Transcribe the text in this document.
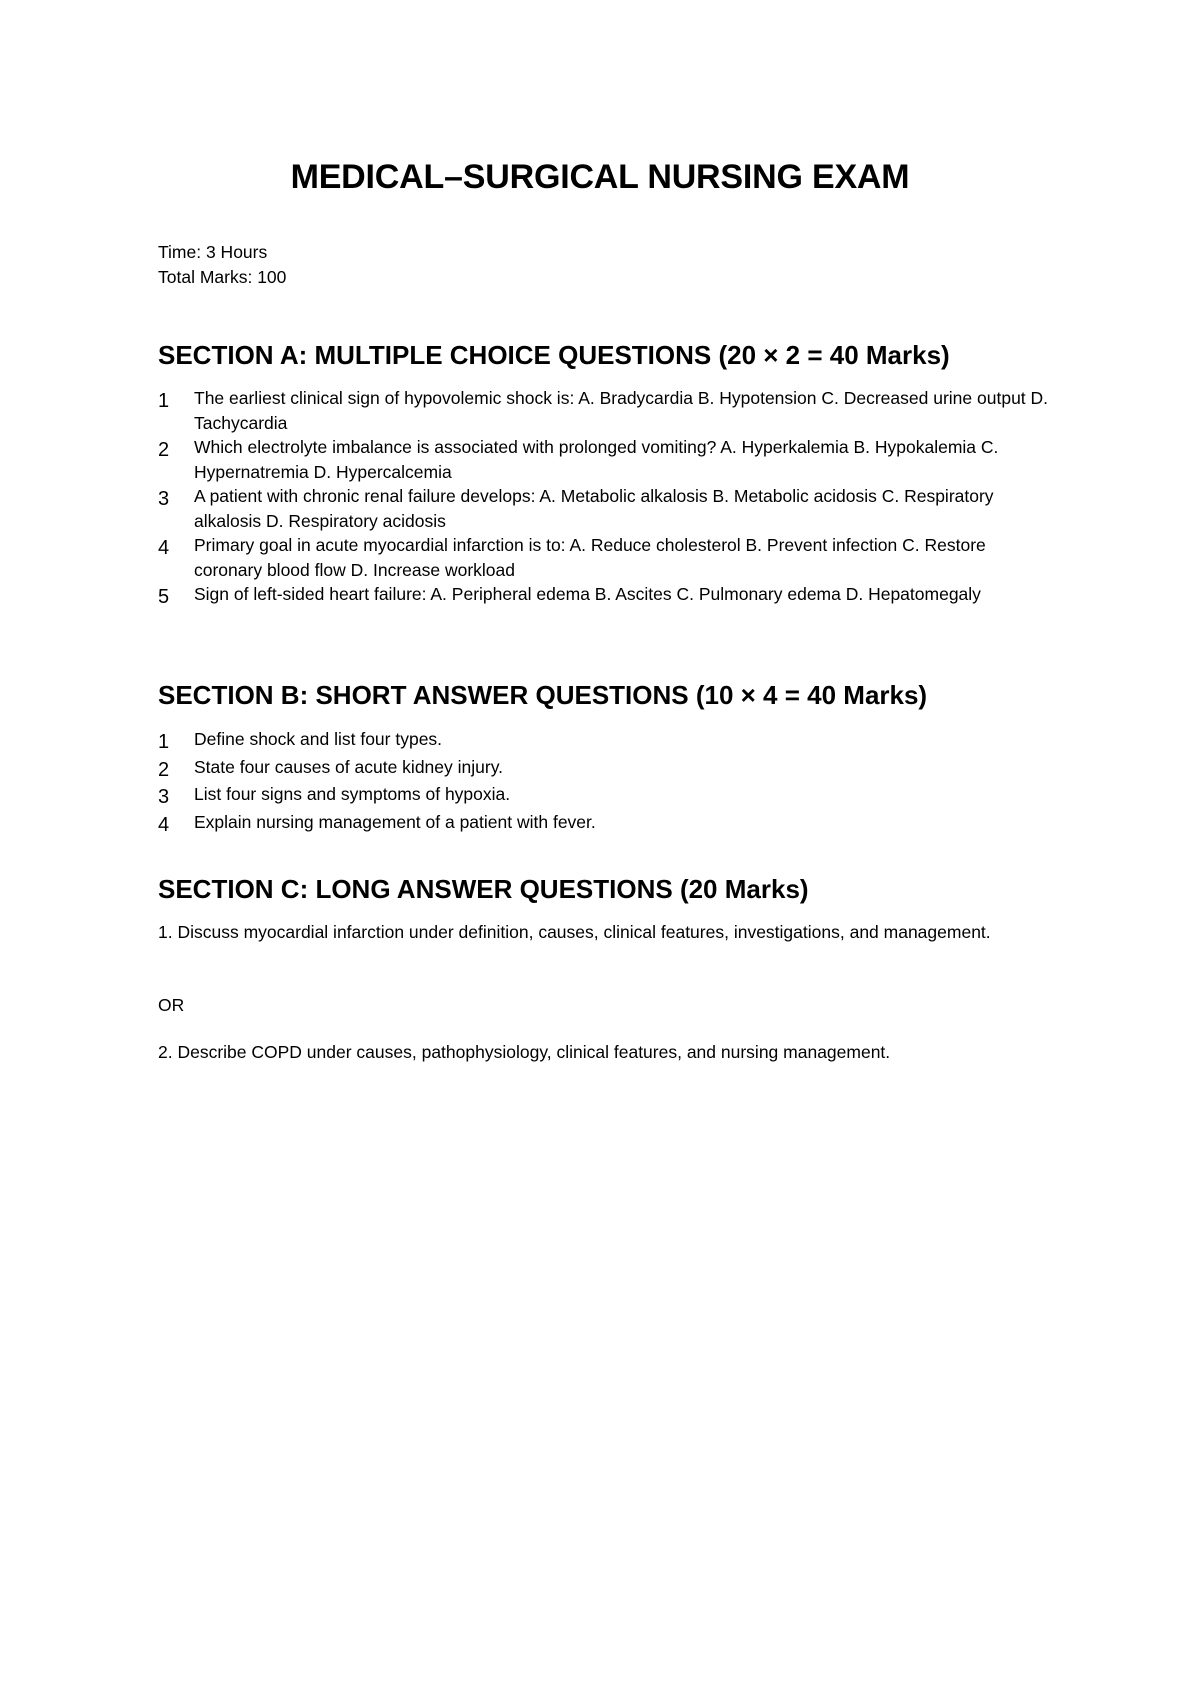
MEDICAL–SURGICAL NURSING EXAM
Time: 3 Hours
Total Marks: 100
SECTION A: MULTIPLE CHOICE QUESTIONS (20 × 2 = 40 Marks)
1	The earliest clinical sign of hypovolemic shock is: A. Bradycardia B. Hypotension C. Decreased urine output D. Tachycardia
2	Which electrolyte imbalance is associated with prolonged vomiting? A. Hyperkalemia B. Hypokalemia C. Hypernatremia D. Hypercalcemia
3	A patient with chronic renal failure develops: A. Metabolic alkalosis B. Metabolic acidosis C. Respiratory alkalosis D. Respiratory acidosis
4	Primary goal in acute myocardial infarction is to: A. Reduce cholesterol B. Prevent infection C. Restore coronary blood flow D. Increase workload
5	Sign of left-sided heart failure: A. Peripheral edema B. Ascites C. Pulmonary edema D. Hepatomegaly
SECTION B: SHORT ANSWER QUESTIONS (10 × 4 = 40 Marks)
1	Define shock and list four types.
2	State four causes of acute kidney injury.
3	List four signs and symptoms of hypoxia.
4	Explain nursing management of a patient with fever.
SECTION C: LONG ANSWER QUESTIONS (20 Marks)
1. Discuss myocardial infarction under definition, causes, clinical features, investigations, and management.
OR
2. Describe COPD under causes, pathophysiology, clinical features, and nursing management.
